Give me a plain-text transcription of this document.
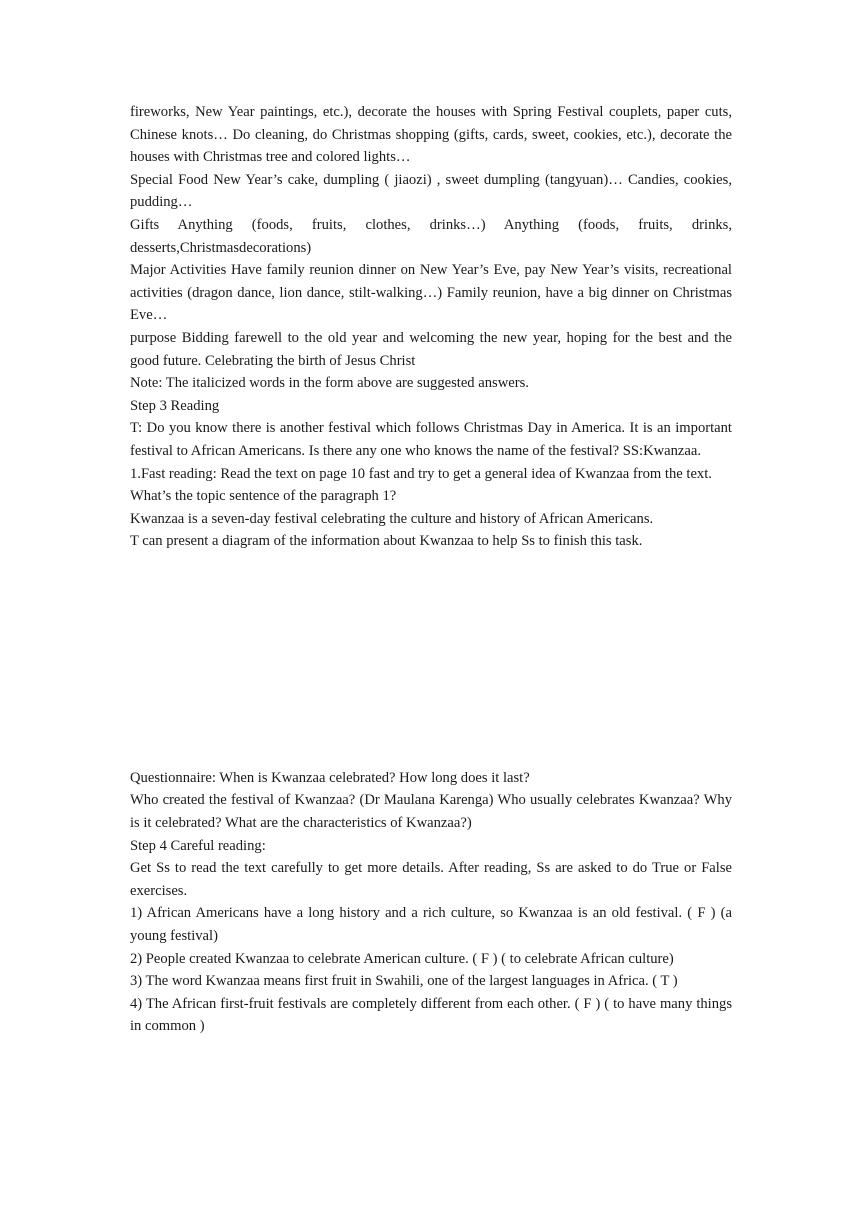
fireworks, New Year paintings, etc.), decorate the houses with Spring Festival couplets, paper cuts, Chinese knots… Do cleaning, do Christmas shopping (gifts, cards, sweet, cookies, etc.), decorate the houses with Christmas tree and colored lights…

Special Food New Year’s cake, dumpling ( jiaozi) , sweet dumpling (tangyuan)… Candies, cookies, pudding…

Gifts Anything (foods, fruits, clothes, drinks…) Anything (foods, fruits, drinks, desserts,Christmasdecorations)

Major Activities Have family reunion dinner on New Year’s Eve, pay New Year’s visits, recreational activities (dragon dance, lion dance, stilt-walking…) Family reunion, have a big dinner on Christmas Eve…

purpose Bidding farewell to the old year and welcoming the new year, hoping for the best and the good future. Celebrating the birth of Jesus Christ

Note: The italicized words in the form above are suggested answers.

Step 3 Reading

T: Do you know there is another festival which follows Christmas Day in America. It is an important festival to African Americans. Is there any one who knows the name of the festival? SS:Kwanzaa.

1.Fast reading: Read the text on page 10 fast and try to get a general idea of Kwanzaa from the text.

What’s the topic sentence of the paragraph 1?

Kwanzaa is a seven-day festival celebrating the culture and history of African Americans.

T can present a diagram of the information about Kwanzaa to help Ss to finish this task.

Questionnaire: When is Kwanzaa celebrated? How long does it last?

Who created the festival of Kwanzaa? (Dr Maulana Karenga) Who usually celebrates Kwanzaa? Why is it celebrated? What are the characteristics of Kwanzaa?)

Step 4 Careful reading:

Get Ss to read the text carefully to get more details. After reading, Ss are asked to do True or False exercises.

1) African Americans have a long history and a rich culture, so Kwanzaa is an old festival. ( F ) (a young festival)

2) People created Kwanzaa to celebrate American culture. ( F ) ( to celebrate African culture)

3) The word Kwanzaa means first fruit in Swahili, one of the largest languages in Africa. ( T )

4) The African first-fruit festivals are completely different from each other. ( F ) ( to have many things in common )
